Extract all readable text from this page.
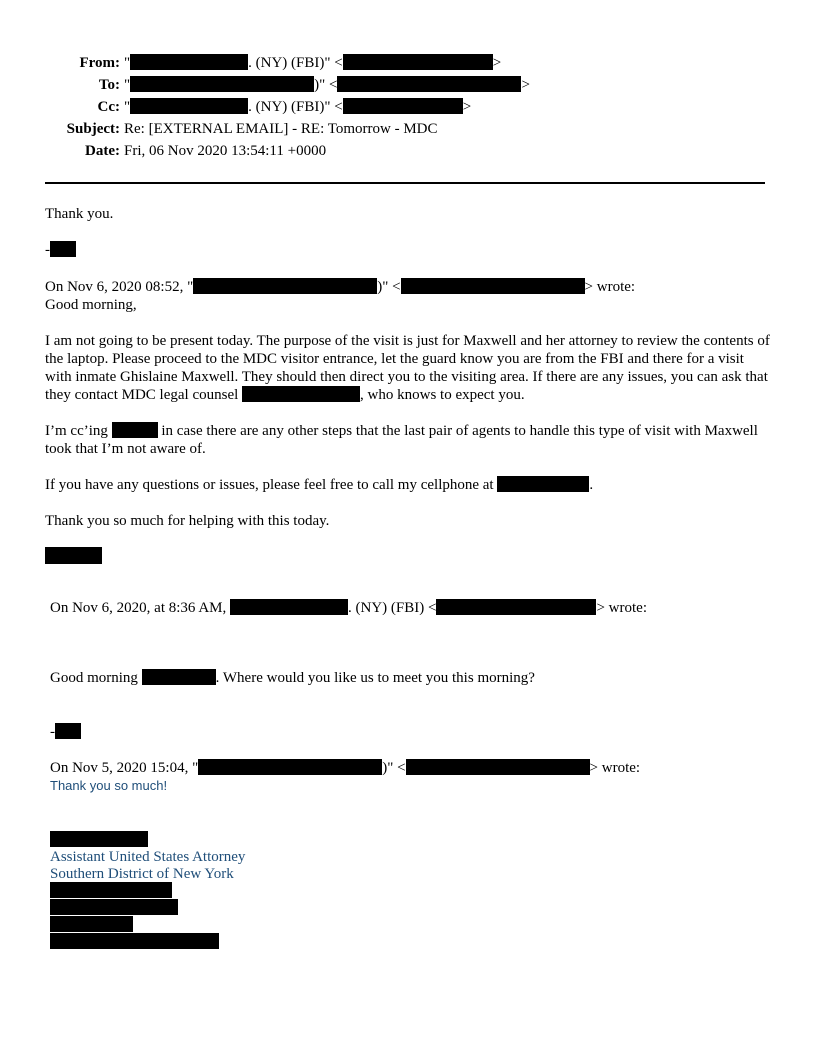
From: "	. (NY) (FBI)" <	>
To: "	)" <	>
Cc: "	. (NY) (FBI)" <	>
Subject: Re: [EXTERNAL EMAIL] - RE: Tomorrow - MDC
Date: Fri, 06 Nov 2020 13:54:11 +0000
Thank you.
-
On Nov 6, 2020 08:52, "	)" <	> wrote:
Good morning,
I am not going to be present today. The purpose of the visit is just for Maxwell and her attorney to review the contents of the laptop. Please proceed to the MDC visitor entrance, let the guard know you are from the FBI and there for a visit with inmate Ghislaine Maxwell. They should then direct you to the visiting area. If there are any issues, you can ask that they contact MDC legal counsel	, who knows to expect you.
I’m cc’ing	in case there are any other steps that the last pair of agents to handle this type of visit with Maxwell took that I’m not aware of.
If you have any questions or issues, please feel free to call my cellphone at	.
Thank you so much for helping with this today.
On Nov 6, 2020, at 8:36 AM,	. (NY) (FBI) <	> wrote:
Good morning	. Where would you like us to meet you this morning?
-
On Nov 5, 2020 15:04, "	)" <	> wrote:
Thank you so much!
Assistant United States Attorney
Southern District of New York
